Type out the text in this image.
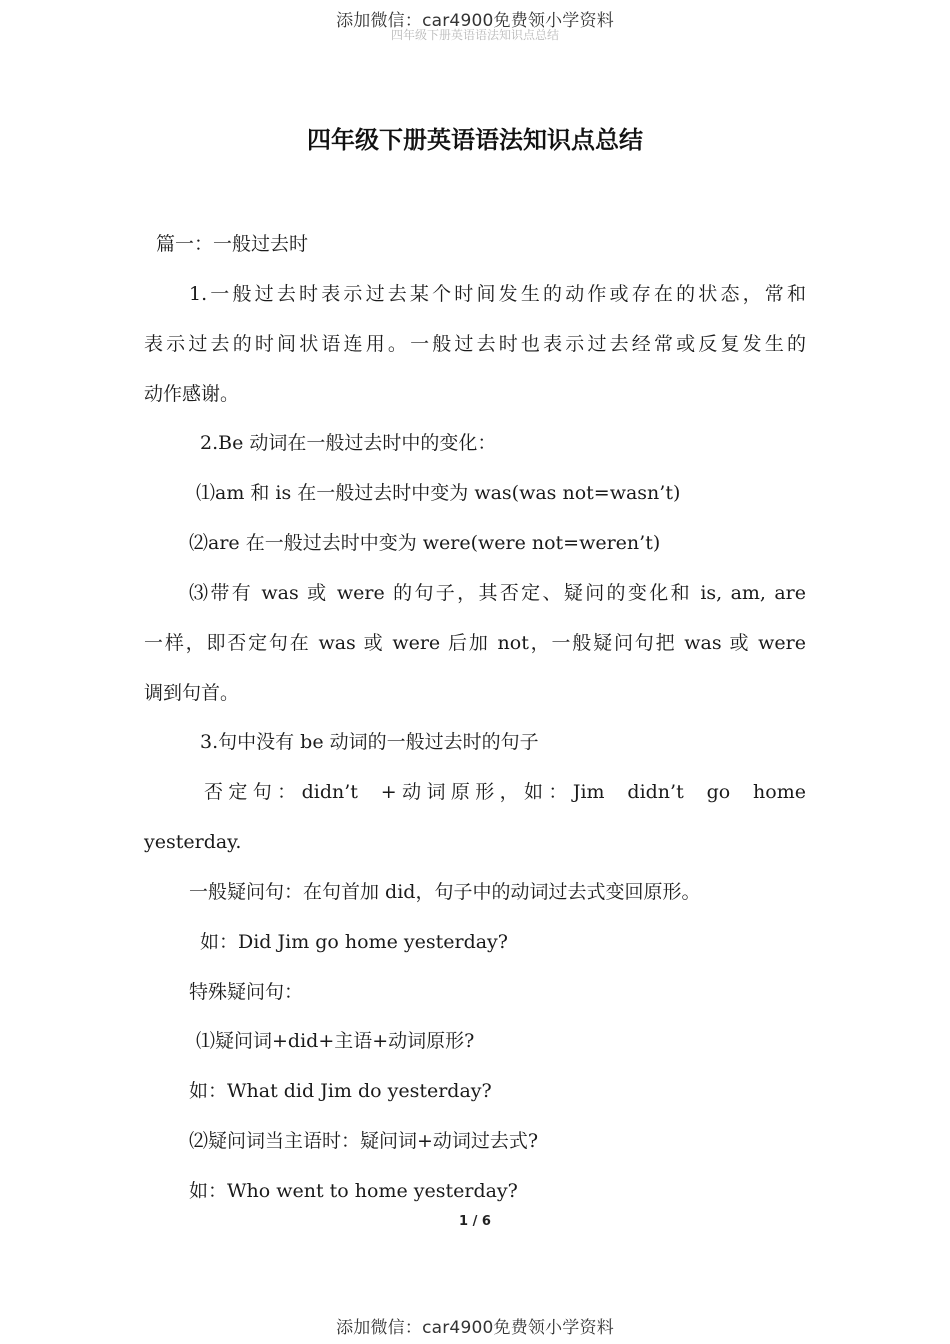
添加微信：car4900免费领小学资料
四年级下册英语语法知识点总结
四年级下册英语语法知识点总结
篇一：一般过去时
1.一般过去时表示过去某个时间发生的动作或存在的状态，常和
表示过去的时间状语连用。一般过去时也表示过去经常或反复发生的
动作感谢。
2.Be 动词在一般过去时中的变化：
⑴am 和 is 在一般过去时中变为 was(was not=wasn’t)
⑵are 在一般过去时中变为 were(were not=weren’t)
⑶带有 was 或 were 的句子，其否定、疑问的变化和 is, am, are
一样，即否定句在 was 或 were 后加 not，一般疑问句把 was 或 were
调到句首。
3.句中没有 be 动词的一般过去时的句子
否定句：didn’t  +动词原形，如：Jim  didn’t  go  home
yesterday.
一般疑问句：在句首加 did，句子中的动词过去式变回原形。
如：Did Jim go home yesterday?
特殊疑问句：
⑴疑问词+did+主语+动词原形?
如：What did Jim do yesterday?
⑵疑问词当主语时：疑问词+动词过去式?
如：Who went to home yesterday?
1 / 6
添加微信：car4900免费领小学资料
